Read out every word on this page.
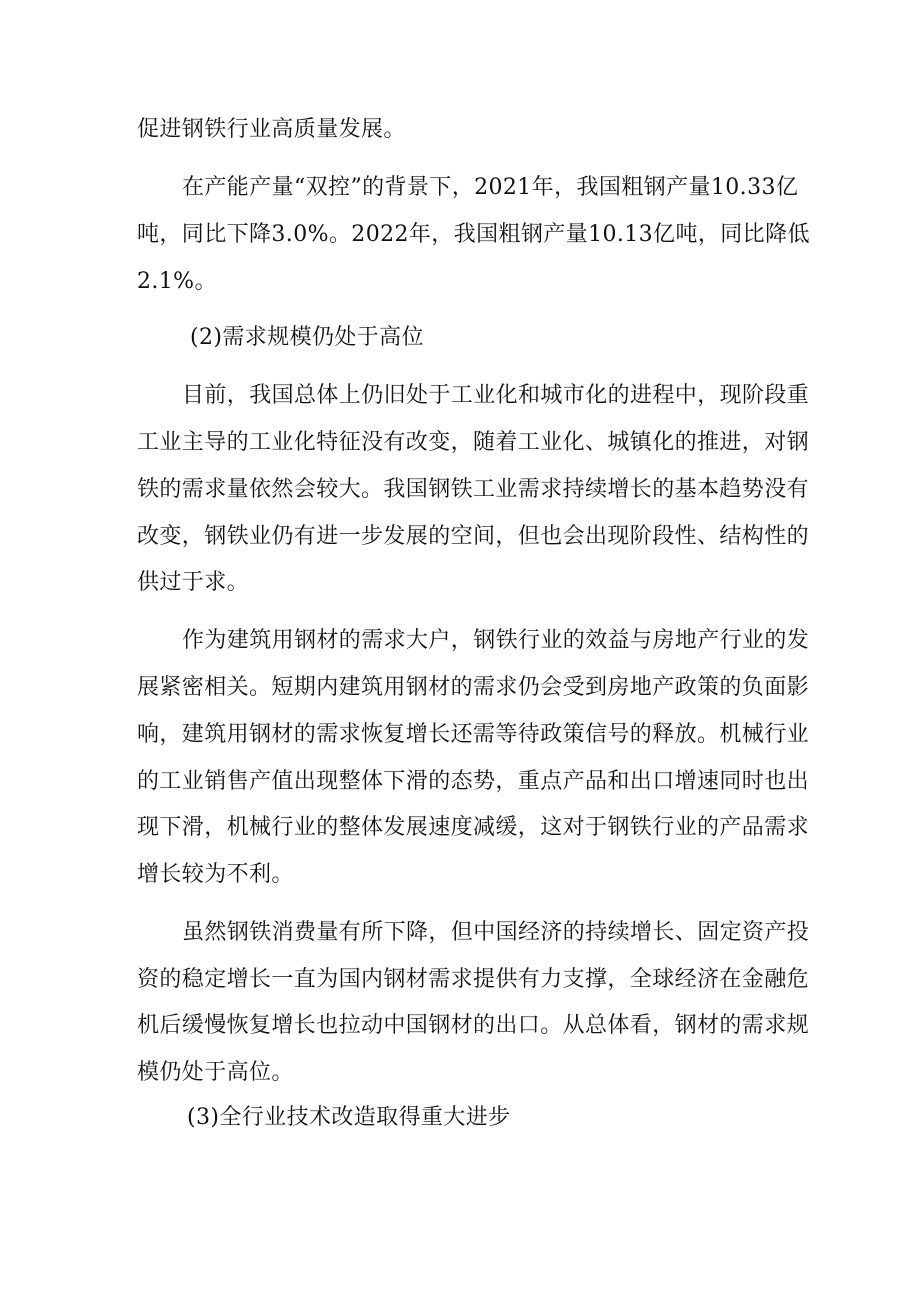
促进钢铁行业高质量发展。
在产能产量“双控”的背景下，2021年，我国粗钢产量10.33亿
吨，同比下降3.0%。2022年，我国粗钢产量10.13亿吨，同比降低
2.1%。
(2)需求规模仍处于高位
目前，我国总体上仍旧处于工业化和城市化的进程中，现阶段重
工业主导的工业化特征没有改变，随着工业化、城镇化的推进，对钢
铁的需求量依然会较大。我国钢铁工业需求持续增长的基本趋势没有
改变，钢铁业仍有进一步发展的空间，但也会出现阶段性、结构性的
供过于求。
作为建筑用钢材的需求大户，钢铁行业的效益与房地产行业的发
展紧密相关。短期内建筑用钢材的需求仍会受到房地产政策的负面影
响，建筑用钢材的需求恢复增长还需等待政策信号的释放。机械行业
的工业销售产值出现整体下滑的态势，重点产品和出口增速同时也出
现下滑，机械行业的整体发展速度减缓，这对于钢铁行业的产品需求
增长较为不利。
虽然钢铁消费量有所下降，但中国经济的持续增长、固定资产投
资的稳定增长一直为国内钢材需求提供有力支撑，全球经济在金融危
机后缓慢恢复增长也拉动中国钢材的出口。从总体看，钢材的需求规
模仍处于高位。
(3)全行业技术改造取得重大进步
